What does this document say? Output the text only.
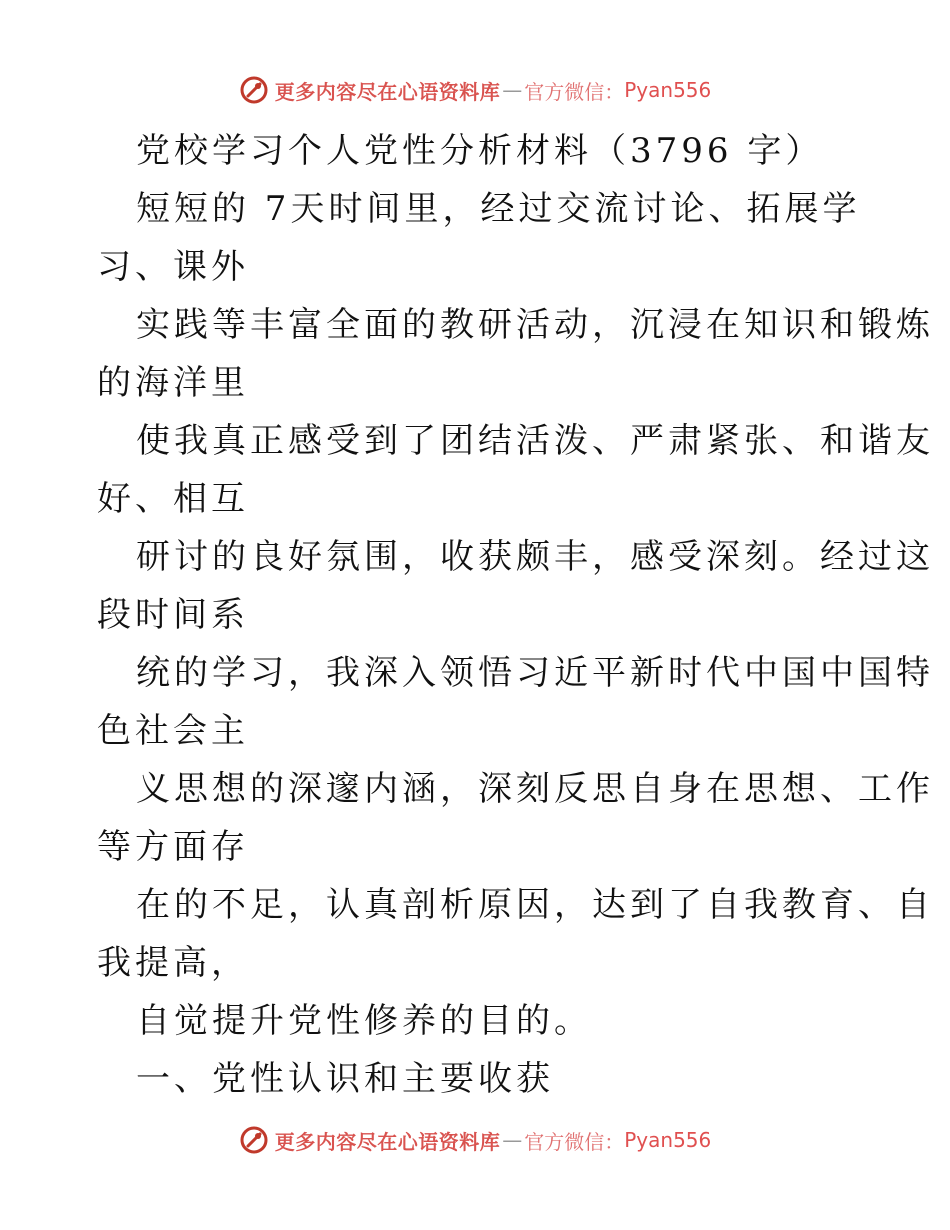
更多内容尽在心语资料库 — 官方微信： Pyan556
党校学习个人党性分析材料（3796 字）
短短的 7天时间里，经过交流讨论、拓展学
习、课外
实践等丰富全面的教研活动，沉浸在知识和锻炼
的海洋里
使我真正感受到了团结活泼、严肃紧张、和谐友
好、相互
研讨的良好氛围，收获颇丰，感受深刻。经过这
段时间系
统的学习，我深入领悟习近平新时代中国中国特
色社会主
义思想的深邃内涵，深刻反思自身在思想、工作
等方面存
在的不足，认真剖析原因，达到了自我教育、自
我提高，
自觉提升党性修养的目的。
一、党性认识和主要收获
更多内容尽在心语资料库 — 官方微信： Pyan556
